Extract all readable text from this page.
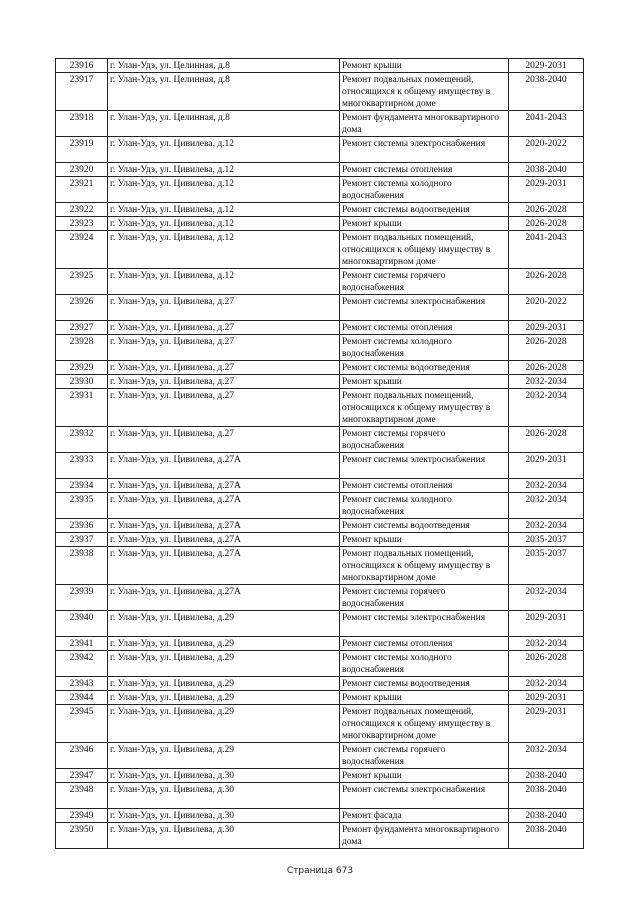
23916	г. Улан-Удэ, ул. Целинная, д.8	Ремонт крыши	2029-2031
23917	г. Улан-Удэ, ул. Целинная, д.8	Ремонт подвальных помещений, относящихся к общему имуществу в многоквартирном доме	2038-2040
23918	г. Улан-Удэ, ул. Целинная, д.8	Ремонт фундамента многоквартирного дома	2041-2043
23919	г. Улан-Удэ, ул. Цивилева, д.12	Ремонт системы электроснабжения	2020-2022
23920	г. Улан-Удэ, ул. Цивилева, д.12	Ремонт системы отопления	2038-2040
23921	г. Улан-Удэ, ул. Цивилева, д.12	Ремонт системы холодного водоснабжения	2029-2031
23922	г. Улан-Удэ, ул. Цивилева, д.12	Ремонт системы водоотведения	2026-2028
23923	г. Улан-Удэ, ул. Цивилева, д.12	Ремонт крыши	2026-2028
23924	г. Улан-Удэ, ул. Цивилева, д.12	Ремонт подвальных помещений, относящихся к общему имуществу в многоквартирном доме	2041-2043
23925	г. Улан-Удэ, ул. Цивилева, д.12	Ремонт системы горячего водоснабжения	2026-2028
23926	г. Улан-Удэ, ул. Цивилева, д.27	Ремонт системы электроснабжения	2020-2022
23927	г. Улан-Удэ, ул. Цивилева, д.27	Ремонт системы отопления	2029-2031
23928	г. Улан-Удэ, ул. Цивилева, д.27	Ремонт системы холодного водоснабжения	2026-2028
23929	г. Улан-Удэ, ул. Цивилева, д.27	Ремонт системы водоотведения	2026-2028
23930	г. Улан-Удэ, ул. Цивилева, д.27	Ремонт крыши	2032-2034
23931	г. Улан-Удэ, ул. Цивилева, д.27	Ремонт подвальных помещений, относящихся к общему имуществу в многоквартирном доме	2032-2034
23932	г. Улан-Удэ, ул. Цивилева, д.27	Ремонт системы горячего водоснабжения	2026-2028
23933	г. Улан-Удэ, ул. Цивилева, д.27А	Ремонт системы электроснабжения	2029-2031
23934	г. Улан-Удэ, ул. Цивилева, д.27А	Ремонт системы отопления	2032-2034
23935	г. Улан-Удэ, ул. Цивилева, д.27А	Ремонт системы холодного водоснабжения	2032-2034
23936	г. Улан-Удэ, ул. Цивилева, д.27А	Ремонт системы водоотведения	2032-2034
23937	г. Улан-Удэ, ул. Цивилева, д.27А	Ремонт крыши	2035-2037
23938	г. Улан-Удэ, ул. Цивилева, д.27А	Ремонт подвальных помещений, относящихся к общему имуществу в многоквартирном доме	2035-2037
23939	г. Улан-Удэ, ул. Цивилева, д.27А	Ремонт системы горячего водоснабжения	2032-2034
23940	г. Улан-Удэ, ул. Цивилева, д.29	Ремонт системы электроснабжения	2029-2031
23941	г. Улан-Удэ, ул. Цивилева, д.29	Ремонт системы отопления	2032-2034
23942	г. Улан-Удэ, ул. Цивилева, д.29	Ремонт системы холодного водоснабжения	2026-2028
23943	г. Улан-Удэ, ул. Цивилева, д.29	Ремонт системы водоотведения	2032-2034
23944	г. Улан-Удэ, ул. Цивилева, д.29	Ремонт крыши	2029-2031
23945	г. Улан-Удэ, ул. Цивилева, д.29	Ремонт подвальных помещений, относящихся к общему имуществу в многоквартирном доме	2029-2031
23946	г. Улан-Удэ, ул. Цивилева, д.29	Ремонт системы горячего водоснабжения	2032-2034
23947	г. Улан-Удэ, ул. Цивилева, д.30	Ремонт крыши	2038-2040
23948	г. Улан-Удэ, ул. Цивилева, д.30	Ремонт системы электроснабжения	2038-2040
23949	г. Улан-Удэ, ул. Цивилева, д.30	Ремонт фасада	2038-2040
23950	г. Улан-Удэ, ул. Цивилева, д.30	Ремонт фундамента многоквартирного дома	2038-2040
Страница 673
